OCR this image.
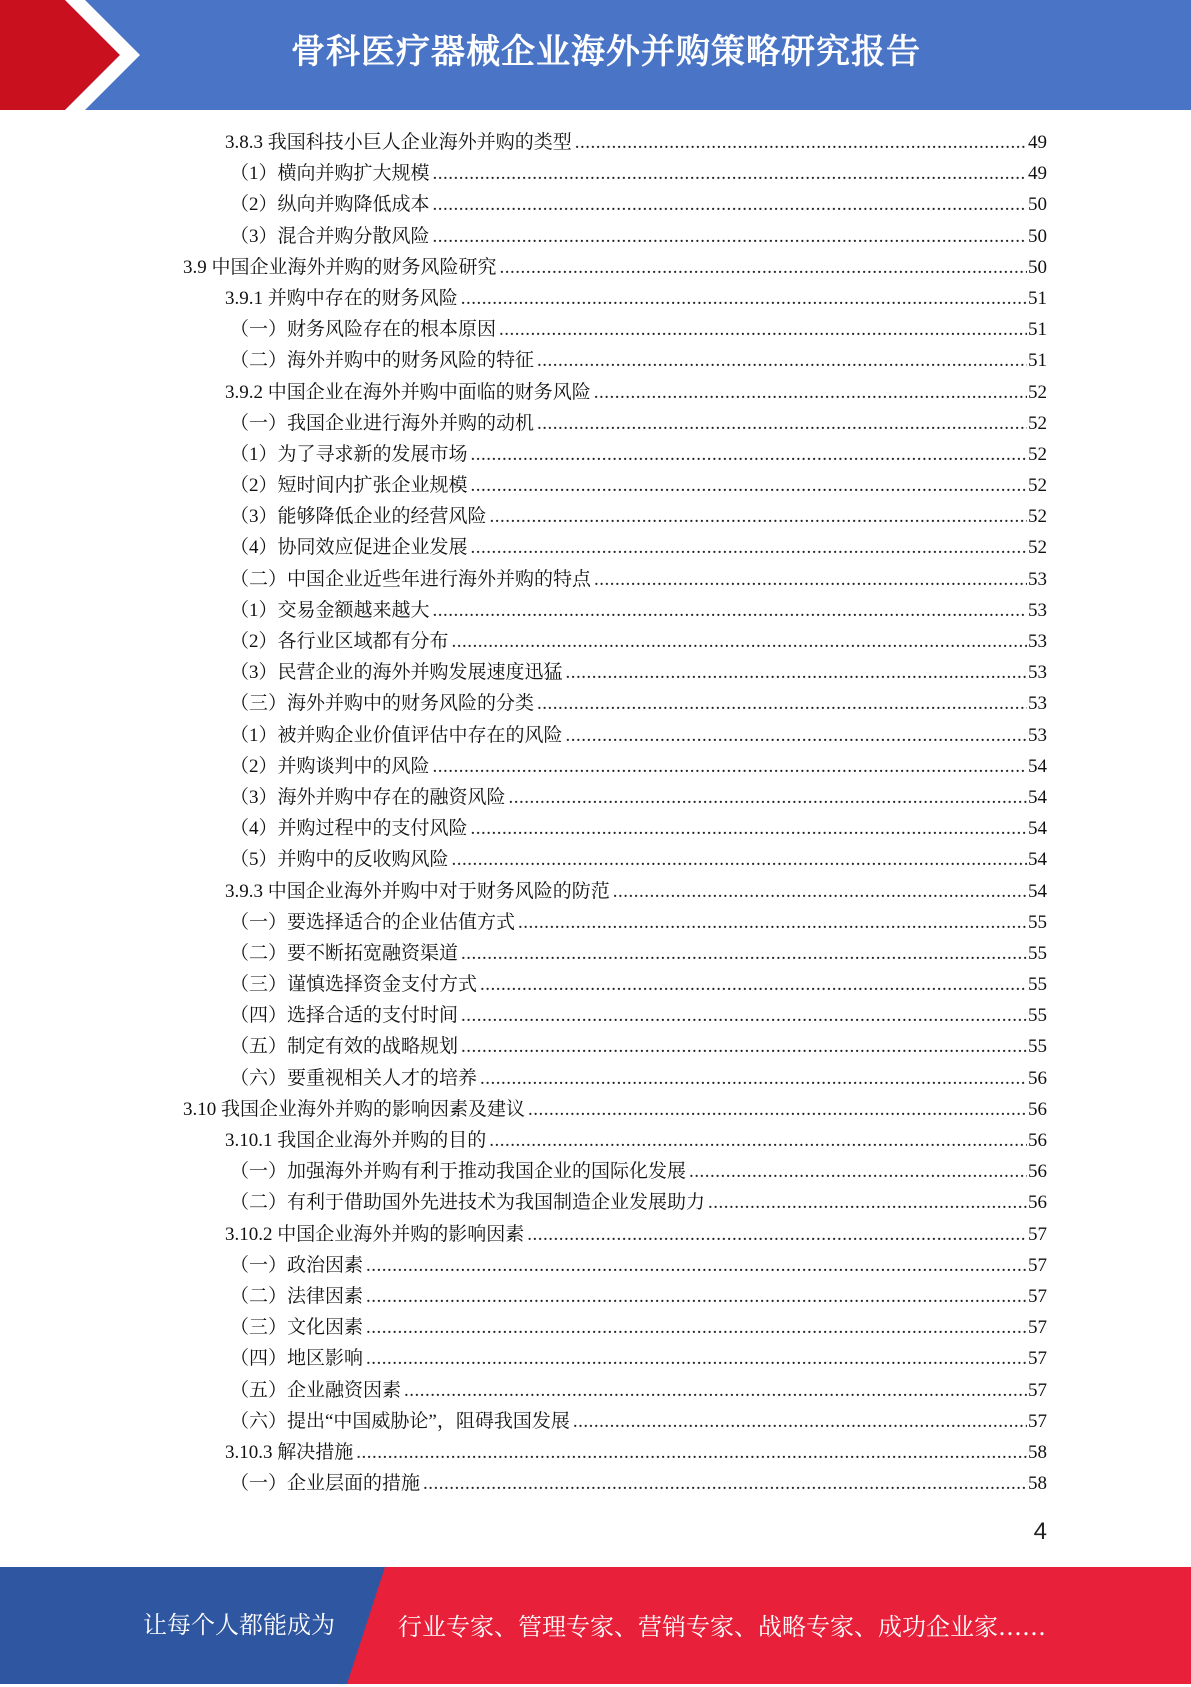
骨科医疗器械企业海外并购策略研究报告
3.8.3 我国科技小巨人企业海外并购的类型 .....	49
（1）横向并购扩大规模 .....	49
（2）纵向并购降低成本 .....	50
（3）混合并购分散风险 .....	50
3.9 中国企业海外并购的财务风险研究 .....	50
3.9.1 并购中存在的财务风险 .....	51
（一）财务风险存在的根本原因 .....	51
（二）海外并购中的财务风险的特征 .....	51
3.9.2 中国企业在海外并购中面临的财务风险 .....	52
（一）我国企业进行海外并购的动机 .....	52
（1）为了寻求新的发展市场 .....	52
（2）短时间内扩张企业规模 .....	52
（3）能够降低企业的经营风险 .....	52
（4）协同效应促进企业发展 .....	52
（二）中国企业近些年进行海外并购的特点 .....	53
（1）交易金额越来越大 .....	53
（2）各行业区域都有分布 .....	53
（3）民营企业的海外并购发展速度迅猛 .....	53
（三）海外并购中的财务风险的分类 .....	53
（1）被并购企业价值评估中存在的风险 .....	53
（2）并购谈判中的风险 .....	54
（3）海外并购中存在的融资风险 .....	54
（4）并购过程中的支付风险 .....	54
（5）并购中的反收购风险 .....	54
3.9.3 中国企业海外并购中对于财务风险的防范 .....	54
（一）要选择适合的企业估值方式 .....	55
（二）要不断拓宽融资渠道 .....	55
（三）谨慎选择资金支付方式 .....	55
（四）选择合适的支付时间 .....	55
（五）制定有效的战略规划 .....	55
（六）要重视相关人才的培养 .....	56
3.10 我国企业海外并购的影响因素及建议 .....	56
3.10.1 我国企业海外并购的目的 .....	56
（一）加强海外并购有利于推动我国企业的国际化发展 .....	56
（二）有利于借助国外先进技术为我国制造企业发展助力 .....	56
3.10.2 中国企业海外并购的影响因素 .....	57
（一）政治因素 .....	57
（二）法律因素 .....	57
（三）文化因素 .....	57
（四）地区影响 .....	57
（五）企业融资因素 .....	57
（六）提出“中国威胁论”，阻碍我国发展 .....	57
3.10.3 解决措施 .....	58
（一）企业层面的措施 .....	58
4
让每个人都能成为	行业专家、管理专家、营销专家、战略专家、成功企业家……
